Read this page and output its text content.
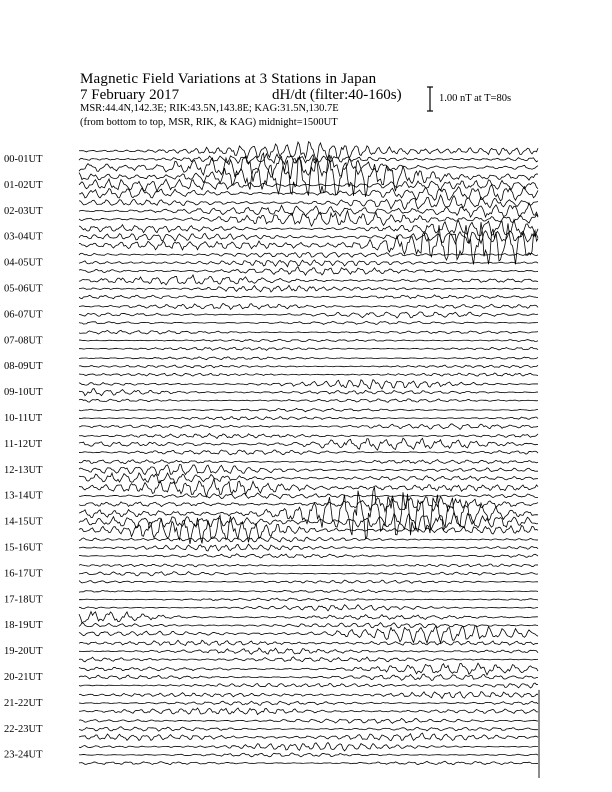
Magnetic Field Variations at 3 Stations in Japan
7 February 2017	dH/dt (filter:40-160s)
MSR:44.4N,142.3E; RIK:43.5N,143.8E; KAG:31.5N,130.7E
(from bottom to top, MSR, RIK, & KAG) midnight=1500UT
1.00 nT at T=80s
00-01UT
01-02UT
02-03UT
03-04UT
04-05UT
05-06UT
06-07UT
07-08UT
08-09UT
09-10UT
10-11UT
11-12UT
12-13UT
13-14UT
14-15UT
15-16UT
16-17UT
17-18UT
18-19UT
19-20UT
20-21UT
21-22UT
22-23UT
23-24UT
